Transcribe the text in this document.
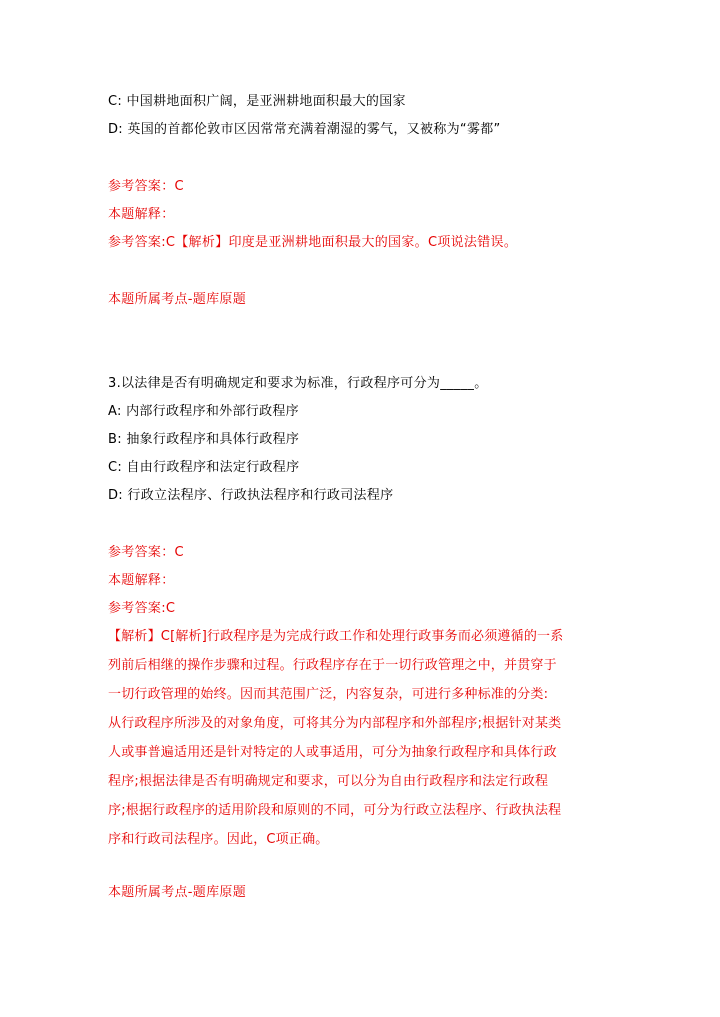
C: 中国耕地面积广阔，是亚洲耕地面积最大的国家
D: 英国的首都伦敦市区因常常充满着潮湿的雾气，又被称为“雾都”
参考答案：C
本题解释：
参考答案:C【解析】印度是亚洲耕地面积最大的国家。C项说法错误。
本题所属考点-题库原题
3.以法律是否有明确规定和要求为标准，行政程序可分为_____。
A: 内部行政程序和外部行政程序
B: 抽象行政程序和具体行政程序
C: 自由行政程序和法定行政程序
D: 行政立法程序、行政执法程序和行政司法程序
参考答案：C
本题解释：
参考答案:C
【解析】C[解析]行政程序是为完成行政工作和处理行政事务而必须遵循的一系
列前后相继的操作步骤和过程。行政程序存在于一切行政管理之中，并贯穿于
一切行政管理的始终。因而其范围广泛，内容复杂，可进行多种标准的分类:
从行政程序所涉及的对象角度，可将其分为内部程序和外部程序;根据针对某类
人或事普遍适用还是针对特定的人或事适用，可分为抽象行政程序和具体行政
程序;根据法律是否有明确规定和要求，可以分为自由行政程序和法定行政程
序;根据行政程序的适用阶段和原则的不同，可分为行政立法程序、行政执法程
序和行政司法程序。因此，C项正确。
本题所属考点-题库原题
